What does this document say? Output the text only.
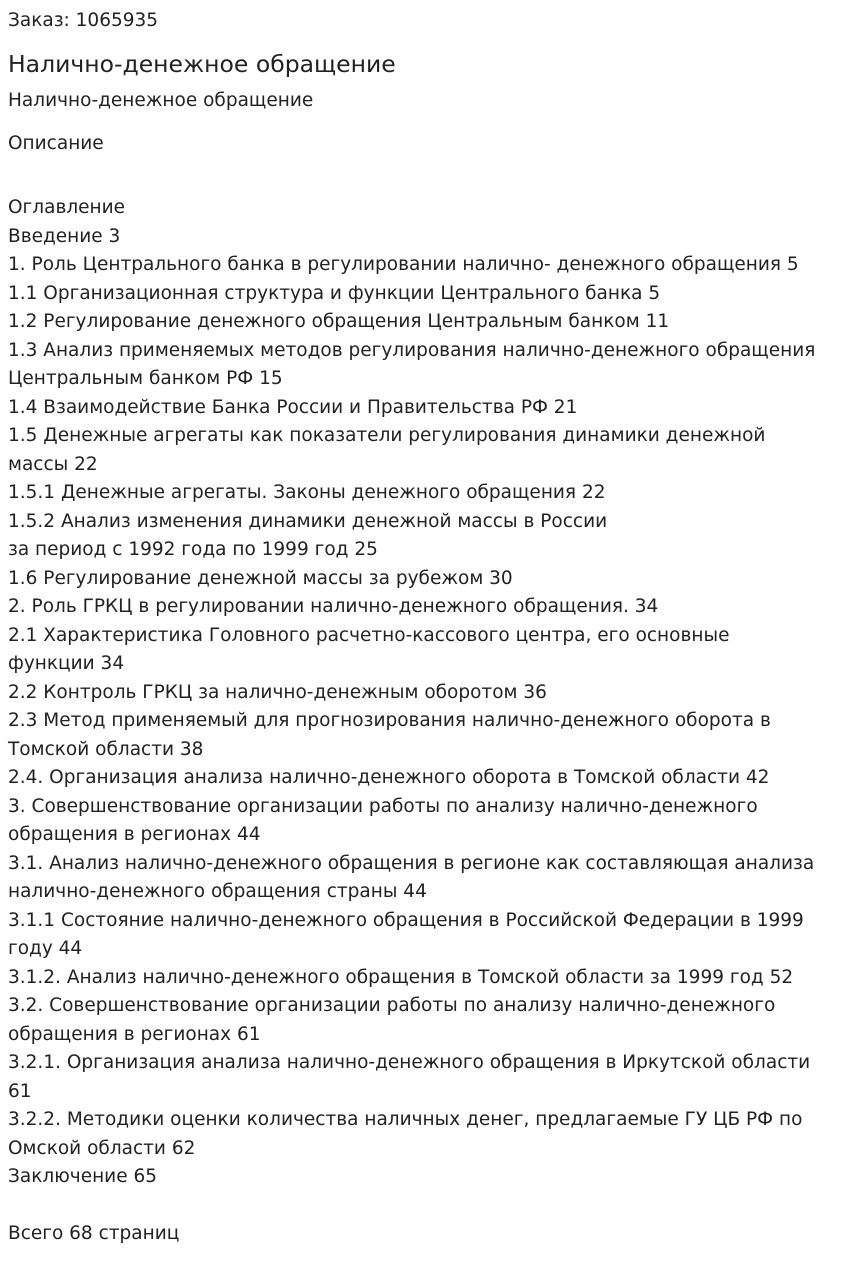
Заказ: 1065935

Налично-денежное обращение

Налично-денежное обращение

Описание

Оглавление

Введение 3

1. Роль Центрального банка в регулировании налично- денежного обращения 5

1.1 Организационная структура и функции Центрального банка 5

1.2 Регулирование денежного обращения Центральным банком 11

1.3 Анализ применяемых методов регулирования налично-денежного обращения

Центральным банком РФ 15

1.4 Взаимодействие Банка России и Правительства РФ 21

1.5 Денежные агрегаты как показатели регулирования динамики денежной

массы 22

1.5.1 Денежные агрегаты. Законы денежного обращения 22

1.5.2 Анализ изменения динамики денежной массы в России

за период с 1992 года по 1999 год 25

1.6 Регулирование денежной массы за рубежом 30

2. Роль ГРКЦ в регулировании налично-денежного обращения. 34

2.1 Характеристика Головного расчетно-кассового центра, его основные

функции 34

2.2 Контроль ГРКЦ за налично-денежным оборотом 36

2.3 Метод применяемый для прогнозирования налично-денежного оборота в

Томской области 38

2.4. Организация анализа налично-денежного оборота в Томской области 42

3. Совершенствование организации работы по анализу налично-денежного

обращения в регионах 44

3.1. Анализ налично-денежного обращения в регионе как составляющая анализа

налично-денежного обращения страны 44

3.1.1 Состояние налично-денежного обращения в Российской Федерации в 1999

году 44

3.1.2. Анализ налично-денежного обращения в Томской области за 1999 год 52

3.2. Совершенствование организации работы по анализу налично-денежного

обращения в регионах 61

3.2.1. Организация анализа налично-денежного обращения в Иркутской области

61

3.2.2. Методики оценки количества наличных денег, предлагаемые ГУ ЦБ РФ по

Омской области 62

Заключение 65

Всего 68 страниц
